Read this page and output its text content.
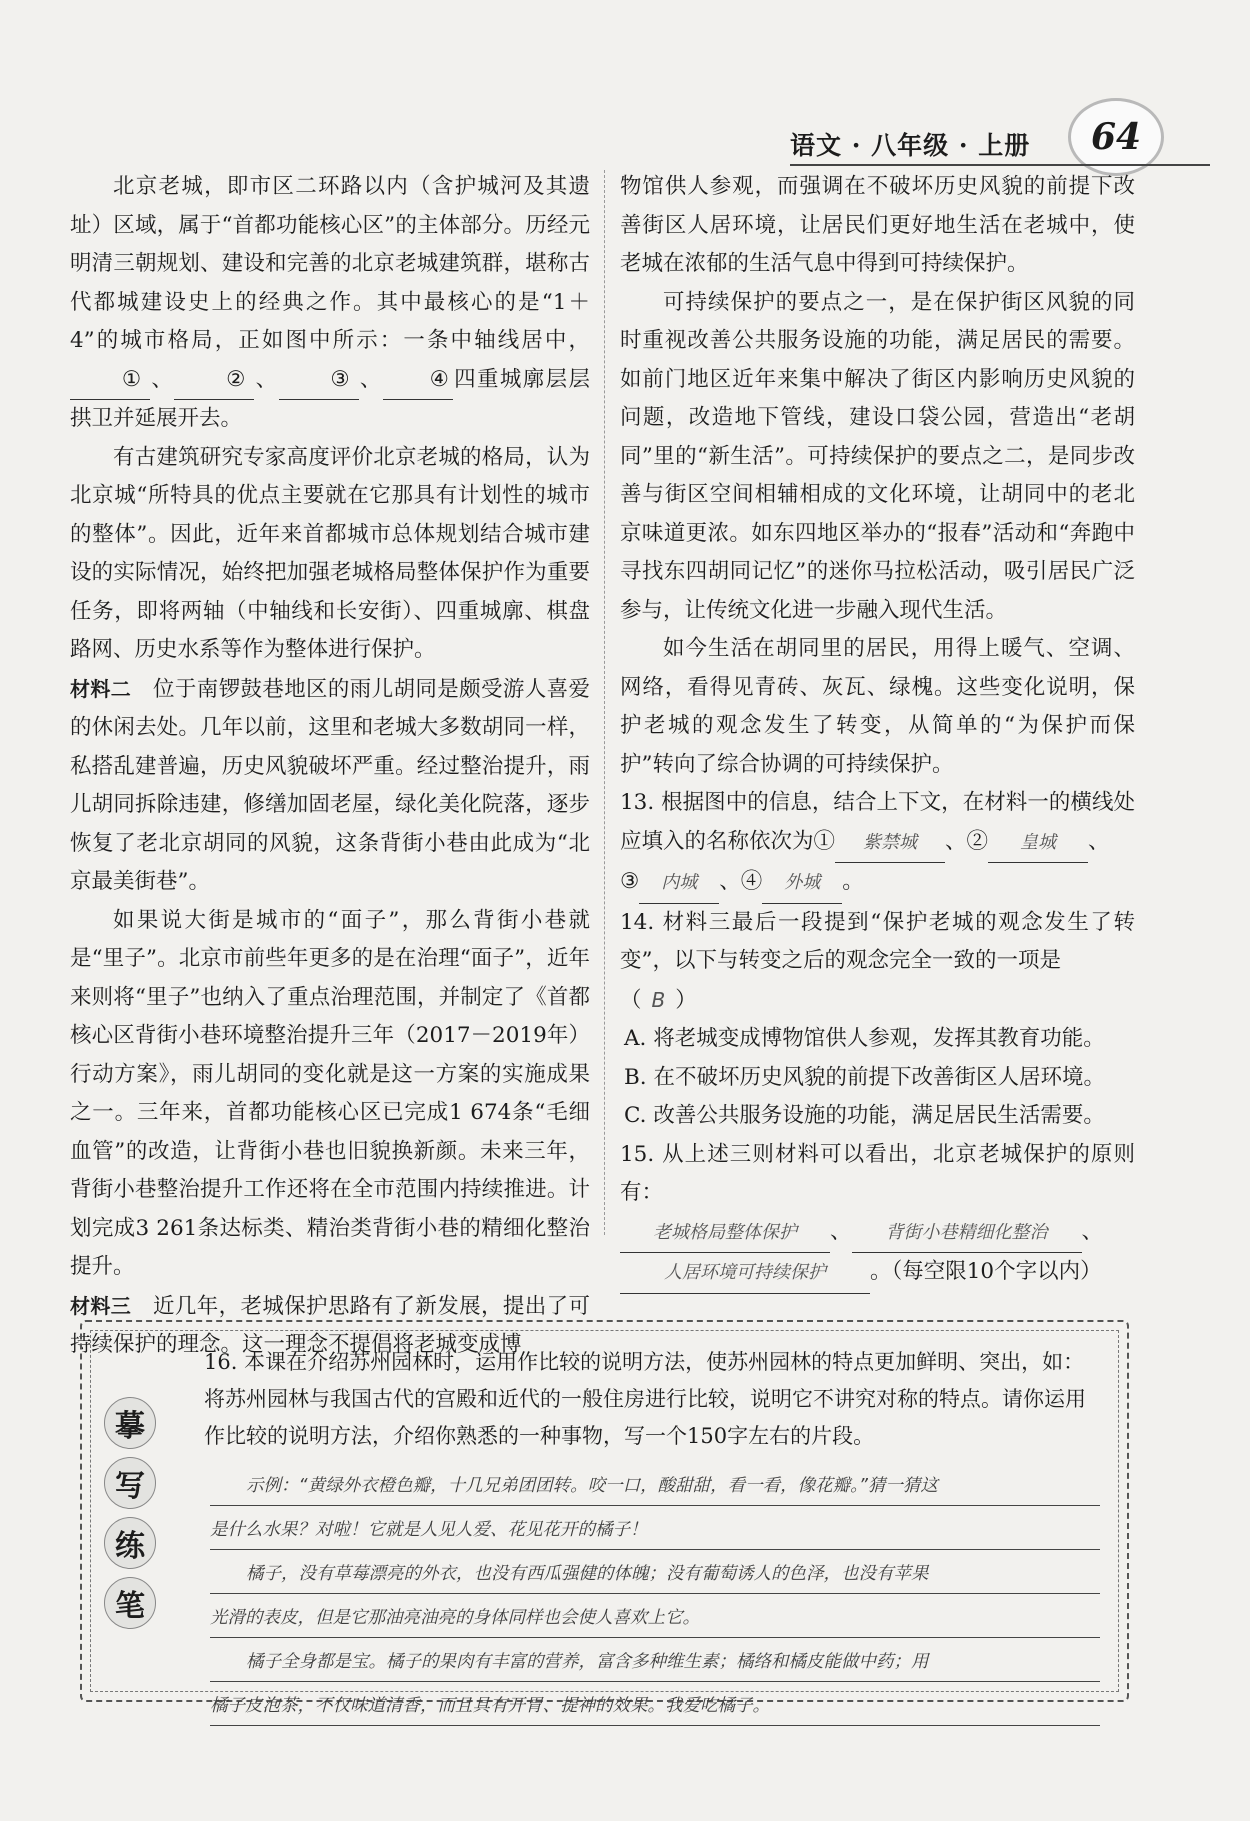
语文 · 八年级 · 上册	64

北京老城，即市区二环路以内（含护城河及其遗址）区域，属于“首都功能核心区”的主体部分。历经元明清三朝规划、建设和完善的北京老城建筑群，堪称古代都城建设史上的经典之作。其中最核心的是“1＋4”的城市格局，正如图中所示：一条中轴线居中，① 、 ② 、 ③ 、 ④ 四重城廓层层拱卫并延展开去。

有古建筑研究专家高度评价北京老城的格局，认为北京城“所特具的优点主要就在它那具有计划性的城市的整体”。因此，近年来首都城市总体规划结合城市建设的实际情况，始终把加强老城格局整体保护作为重要任务，即将两轴（中轴线和长安街）、四重城廓、棋盘路网、历史水系等作为整体进行保护。

材料二　 位于南锣鼓巷地区的雨儿胡同是颇受游人喜爱的休闲去处。几年以前，这里和老城大多数胡同一样，私搭乱建普遍，历史风貌破坏严重。经过整治提升，雨儿胡同拆除违建，修缮加固老屋，绿化美化院落，逐步恢复了老北京胡同的风貌，这条背街小巷由此成为“北京最美街巷”。

如果说大街是城市的“面子”，那么背街小巷就是“里子”。北京市前些年更多的是在治理“面子”，近年来则将“里子”也纳入了重点治理范围，并制定了《首都核心区背街小巷环境整治提升三年（2017－2019年）行动方案》，雨儿胡同的变化就是这一方案的实施成果之一。三年来，首都功能核心区已完成1 674条“毛细血管”的改造，让背街小巷也旧貌换新颜。未来三年，背街小巷整治提升工作还将在全市范围内持续推进。计划完成3 261条达标类、精治类背街小巷的精细化整治提升。

材料三　 近几年，老城保护思路有了新发展，提出了可持续保护的理念。这一理念不提倡将老城变成博

物馆供人参观，而强调在不破坏历史风貌的前提下改善街区人居环境，让居民们更好地生活在老城中，使老城在浓郁的生活气息中得到可持续保护。

可持续保护的要点之一，是在保护街区风貌的同时重视改善公共服务设施的功能，满足居民的需要。如前门地区近年来集中解决了街区内影响历史风貌的问题，改造地下管线，建设口袋公园，营造出“老胡同”里的“新生活”。可持续保护的要点之二，是同步改善与街区空间相辅相成的文化环境，让胡同中的老北京味道更浓。如东四地区举办的“报春”活动和“奔跑中寻找东四胡同记忆”的迷你马拉松活动，吸引居民广泛参与，让传统文化进一步融入现代生活。

如今生活在胡同里的居民，用得上暖气、空调、网络，看得见青砖、灰瓦、绿槐。这些变化说明，保护老城的观念发生了转变，从简单的“为保护而保护”转向了综合协调的可持续保护。

13. 根据图中的信息，结合上下文，在材料一的横线处应填入的名称依次为① 紫禁城 、② 皇城 、
③ 内城 、④ 外城 。

14. 材料三最后一段提到“保护老城的观念发生了转变”，以下与转变之后的观念完全一致的一项是
（ B ）

A. 将老城变成博物馆供人参观，发挥其教育功能。

B. 在不破坏历史风貌的前提下改善街区人居环境。

C. 改善公共服务设施的功能，满足居民生活需要。

15. 从上述三则材料可以看出，北京老城保护的原则有：
老城格局整体保护 、 背街小巷精细化整治 、
人居环境可持续保护 。（每空限10个字以内）

摹
写
练
笔

16. 本课在介绍苏州园林时，运用作比较的说明方法，使苏州园林的特点更加鲜明、突出，如：将苏州园林与我国古代的宫殿和近代的一般住房进行比较，说明它不讲究对称的特点。请你运用作比较的说明方法，介绍你熟悉的一种事物，写一个150字左右的片段。

示例：“黄绿外衣橙色瓣，十几兄弟团团转。咬一口，酸甜甜，看一看，像花瓣。”猜一猜这
是什么水果？对啦！它就是人见人爱、花见花开的橘子！
橘子，没有草莓漂亮的外衣，也没有西瓜强健的体魄；没有葡萄诱人的色泽，也没有苹果
光滑的表皮，但是它那油亮油亮的身体同样也会使人喜欢上它。
橘子全身都是宝。橘子的果肉有丰富的营养，富含多种维生素；橘络和橘皮能做中药；用
橘子皮泡茶，不仅味道清香，而且具有开胃、提神的效果。我爱吃橘子。
